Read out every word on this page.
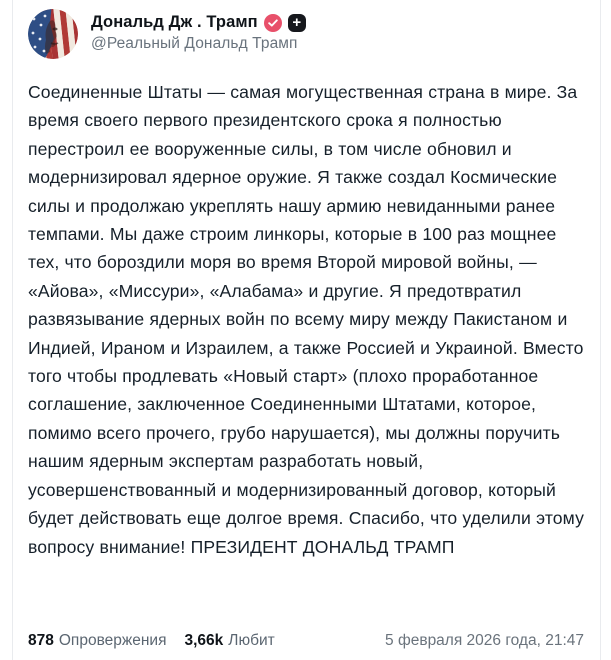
Дональд Дж . Трамп	+
@Реальный Дональд Трамп
Соединенные Штаты — самая могущественная страна в мире. За время своего первого президентского срока я полностью перестроил ее вооруженные силы, в том числе обновил и модернизировал ядерное оружие. Я также создал Космические силы и продолжаю укреплять нашу армию невиданными ранее темпами. Мы даже строим линкоры, которые в 100 раз мощнее тех, что бороздили моря во время Второй мировой войны, — «Айова», «Миссури», «Алабама» и другие. Я предотвратил развязывание ядерных войн по всему миру между Пакистаном и Индией, Ираном и Израилем, а также Россией и Украиной. Вместо того чтобы продлевать «Новый старт» (плохо проработанное соглашение, заключенное Соединенными Штатами, которое, помимо всего прочего, грубо нарушается), мы должны поручить нашим ядерным экспертам разработать новый, усовершенствованный и модернизированный договор, который будет действовать еще долгое время. Спасибо, что уделили этому вопросу внимание! ПРЕЗИДЕНТ ДОНАЛЬД ТРАМП
878 Опровержения 3,66k Любит	5 февраля 2026 года, 21:47
